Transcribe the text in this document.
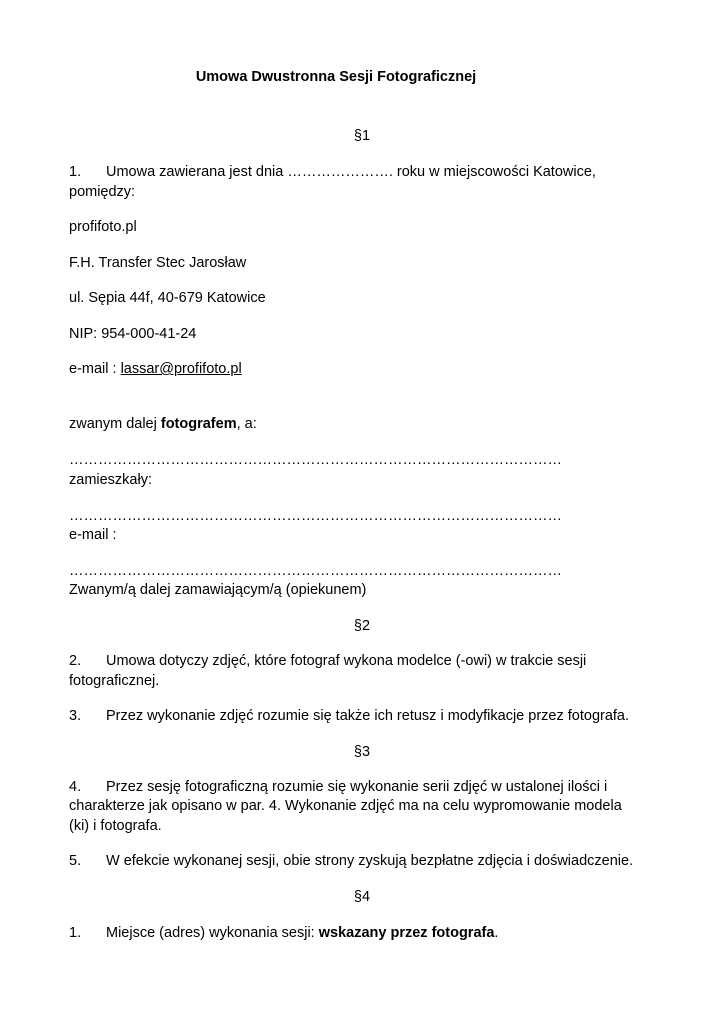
Umowa Dwustronna Sesji Fotograficznej
§1
1. Umowa zawierana jest dnia …………………. roku w miejscowości Katowice,
pomiędzy:
profifoto.pl
F.H. Transfer Stec Jarosław
ul. Sępia 44f, 40-679 Katowice
NIP: 954-000-41-24
e-mail : lassar@profifoto.pl
zwanym dalej fotografem, a:
…………………………………………………………………………………………
zamieszkały:
…………………………………………………………………………………………
e-mail :
…………………………………………………………………………………………
Zwanym/ą dalej zamawiającym/ą (opiekunem)
§2
2. Umowa dotyczy zdjęć, które fotograf wykona modelce (-owi) w trakcie sesji
fotograficznej.
3. Przez wykonanie zdjęć rozumie się także ich retusz i modyfikacje przez fotografa.
§3
4. Przez sesję fotograficzną rozumie się wykonanie serii zdjęć w ustalonej ilości i
charakterze jak opisano w par. 4. Wykonanie zdjęć ma na celu wypromowanie modela
(ki) i fotografa.
5. W efekcie wykonanej sesji, obie strony zyskują bezpłatne zdjęcia i doświadczenie.
§4
1. Miejsce (adres) wykonania sesji: wskazany przez fotografa.
